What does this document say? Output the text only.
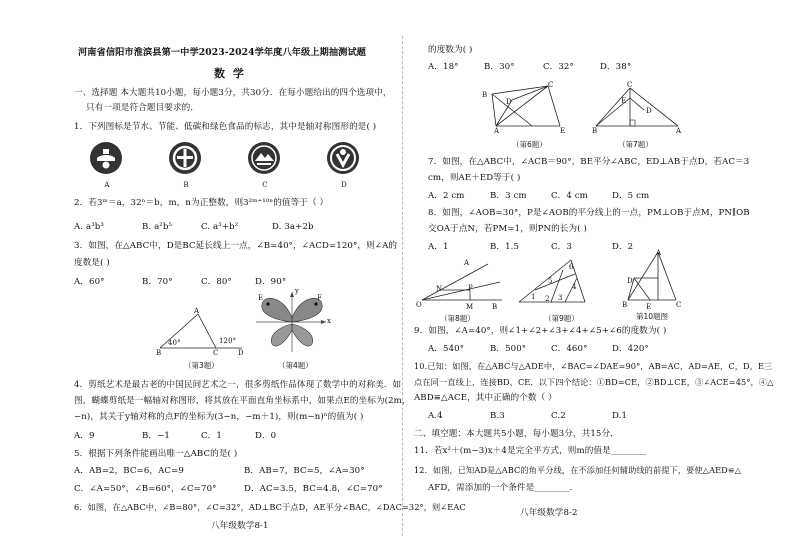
河南省信阳市淮滨县第一中学2023-2024学年度八年级上期抽测试题
数 学
一、选择题 本大题共10小题，每小题3分，共30分．在每小题给出的四个选项中，
只有一项是符合题目要求的．
1．下列图标是节水、节能、低碳和绿色食品的标志，其中是轴对称图形的是( )
A	B	C	D
2．若3ᵐ＝a，32ⁿ＝b，m，n为正整数，则3²ᵐ⁺¹⁰ⁿ的值等于（ ）
A. a³b³	B. a²b⁵	C. a³+b²	D. 3a+2b
3．如图，在△ABC中，D是BC延长线上一点，∠B=40°，∠ACD=120°，则∠A的
度数是( )
A．60°	B．70°	C．80°	D．90°
A
B	C	D
40°	120°
（第3题）
E	F
x
y
（第4题）
4．剪纸艺术是最古老的中国民间艺术之一，很多剪纸作品体现了数学中的对称美．如
图，蝴蝶剪纸是一幅轴对称图形，将其放在平面直角坐标系中，如果点E的坐标为(2m，
−n)，其关于y轴对称的点F的坐标为(3−n，−m＋1)，则(m−n)ⁿ的值为( )
A．9	B．−1	C．1	D．0
5．根据下列条件能画出唯一△ABC的是( )
A．AB=2，BC=6，AC=9	B．AB=7，BC=5，∠A=30°
C．∠A=50°，∠B=60°，∠C=70°	D．AC=3.5，BC=4.8，∠C=70°
6．如图，在△ABC中，∠B=80°，∠C=32°，AD⊥BC于点D，AE平分∠BAC，∠DAC=32°，则∠EAC
八年级数学8-1
的度数为( )
A．18°	B．30°	C．32°	D．38°
B
C
D
A	E
（第6题）
C
E
D
B	A
（第7题）
7．如图，在△ABC中，∠ACB＝90°，BE平分∠ABC，ED⊥AB于点D，若AC＝3
cm，则AE＋ED等于( )
A．2 cm	B．3 cm	C．4 cm	D．5 cm
8．如图，∠AOB=30°，P是∠AOB的平分线上的一点，PM⊥OB于点M，PN∥OB
交OA于点N，若PM=1，则PN的长为( )
A．1	B．1.5	C．3	D．2
A
N	P
O	M	B
（第8题）
6
5
4
3
2
1
（第9题）
A
D
B	E	C
第10题图
9．如图，∠A=40°，则∠1+∠2+∠3+∠4+∠5+∠6的度数为( )
A．540°	B．500°	C．460°	D．420°
10.已知：如图，在△ABC与△ADE中，∠BAC=∠DAE=90°，AB=AC，AD=AE，C，D，E三
点在同一直线上，连接BD、CE．以下四个结论：①BD=CE，②BD⊥CE，③∠ACE=45°，④△
ABD≌△ACE，其中正确的个数（ ）
A.4	B.3	C.2	D.1
二、填空题：本大题共5小题，每小题3分，共15分．
11．若x²＋(m−3)x＋4是完全平方式，则m的值是________
12．如图，已知AD是△ABC的角平分线，在不添加任何辅助线的前提下，要使△AED≌△
AFD，需添加的一个条件是________．
八年级数学8-2
